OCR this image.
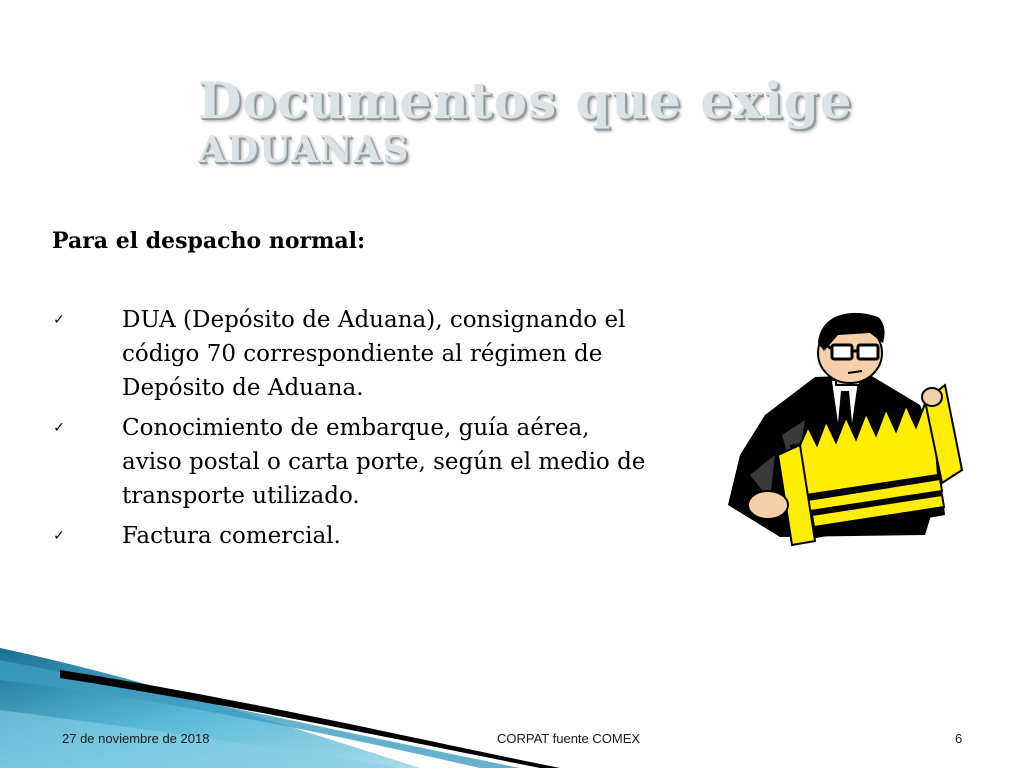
Documentos que exige
ADUANAS

Para el despacho normal:

✓ DUA (Depósito de Aduana), consignando el código 70 correspondiente al régimen de Depósito de Aduana.
✓ Conocimiento de embarque, guía aérea, aviso postal o carta porte, según el medio de transporte utilizado.
✓ Factura comercial.

27 de noviembre de 2018	CORPAT fuente COMEX	6
